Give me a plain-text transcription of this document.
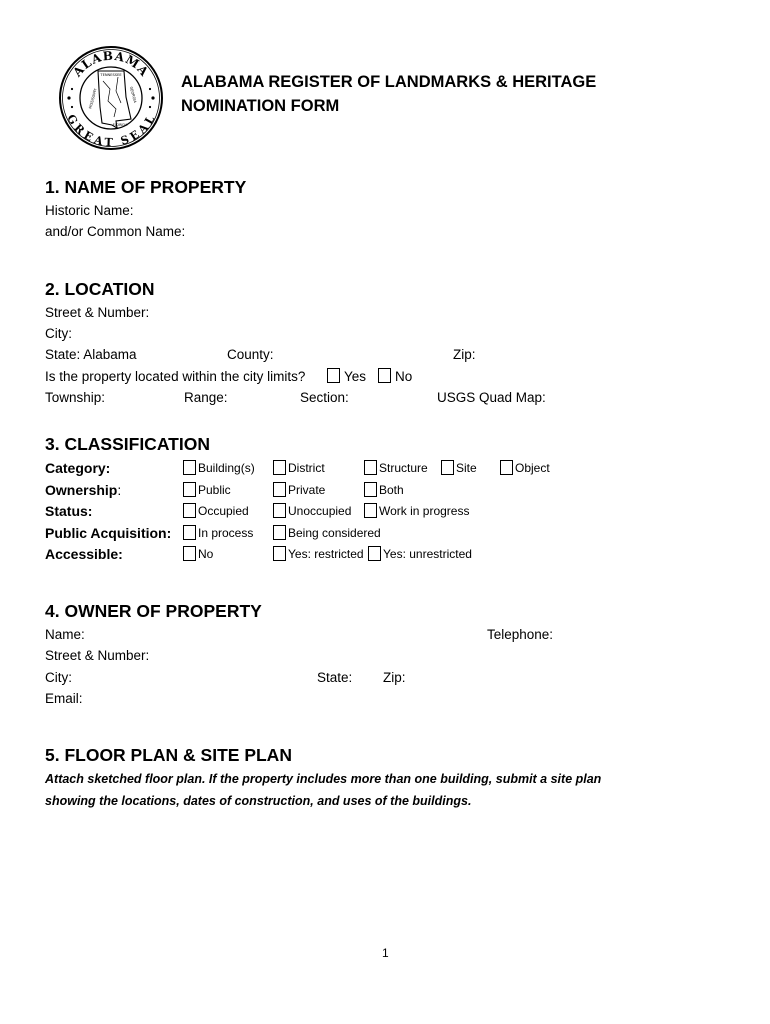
ALABAMA
GREAT SEAL
TENNESSEE
MISSISSIPPI	GEORGIA
FLORIDA
ALABAMA REGISTER OF LANDMARKS & HERITAGE
NOMINATION FORM
1. NAME OF PROPERTY
Historic Name:
and/or Common Name:
2. LOCATION
Street & Number:
City:
State: Alabama	County:	Zip:
Is the property located within the city limits?	Yes No
Township:	Range:	Section:	USGS Quad Map:
3. CLASSIFICATION
Category:	Building(s)	District	Structure Site	Object
Ownership:	Public	Private	Both
Status:	Occupied	Unoccupied Work in progress
Public Acquisition: In process	Being considered
Accessible:	No	Yes: restricted Yes: unrestricted
4. OWNER OF PROPERTY
Name:	Telephone:
Street & Number:
City:	State: Zip:
Email:
5. FLOOR PLAN & SITE PLAN
Attach sketched floor plan. If the property includes more than one building, submit a site plan
showing the locations, dates of construction, and uses of the buildings.
1
